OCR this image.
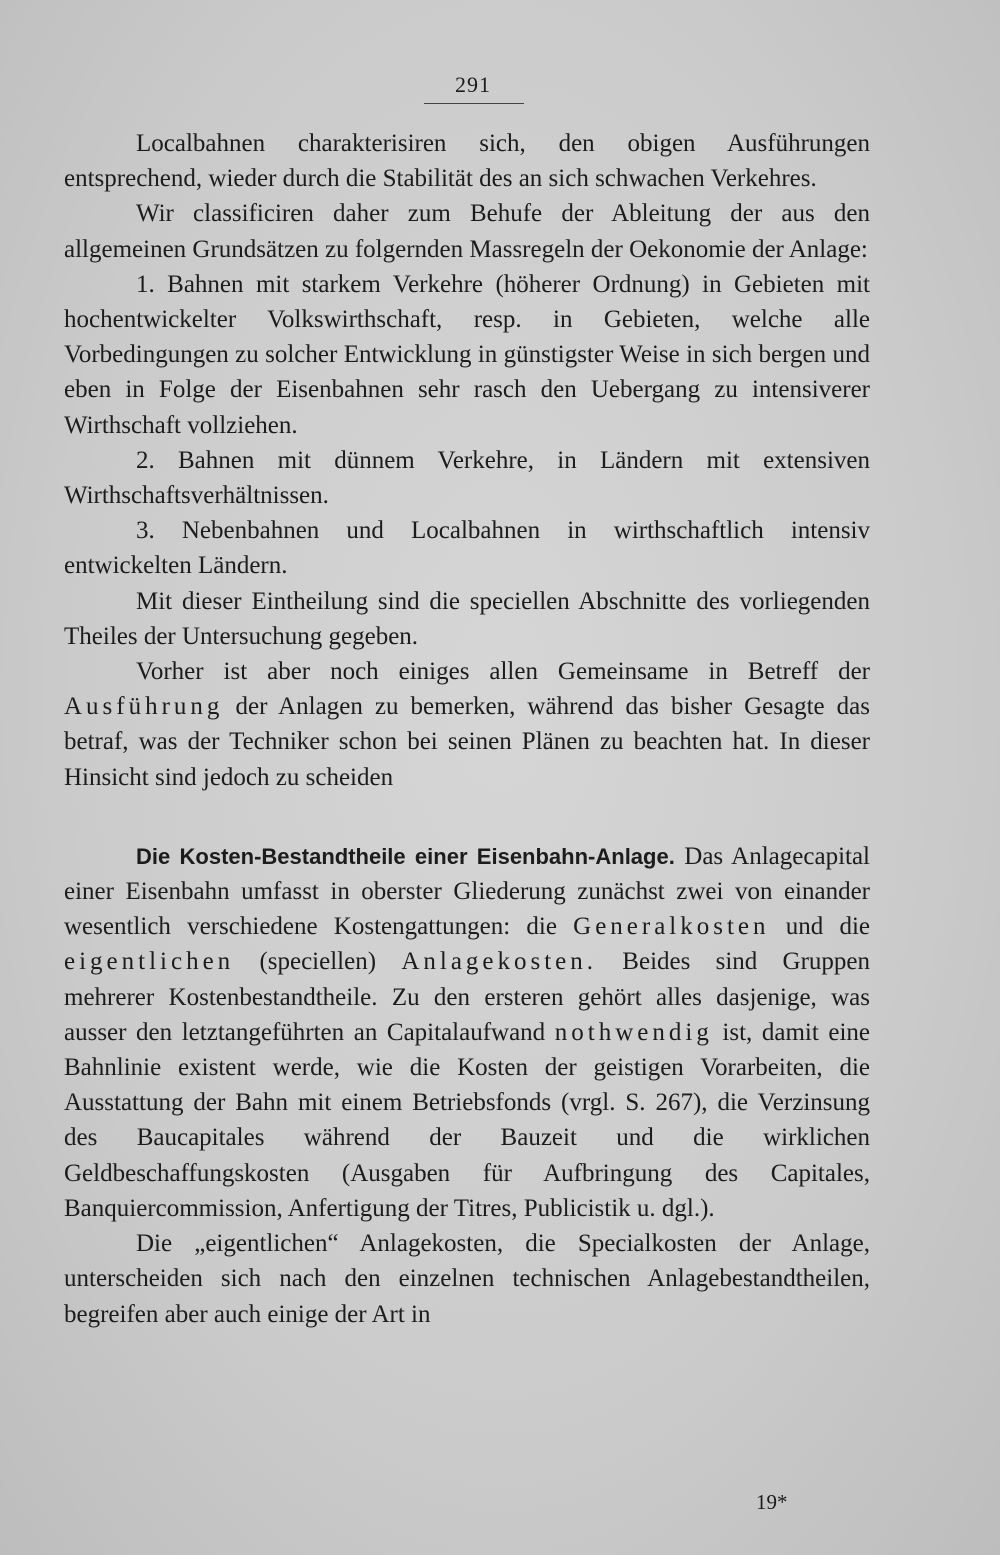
291

Localbahnen charakterisiren sich, den obigen Ausführungen entsprechend, wieder durch die Stabilität des an sich schwachen Verkehres.

Wir classificiren daher zum Behufe der Ableitung der aus den allgemeinen Grundsätzen zu folgernden Massregeln der Oekonomie der Anlage:

1. Bahnen mit starkem Verkehre (höherer Ordnung) in Gebieten mit hochentwickelter Volkswirthschaft, resp. in Gebieten, welche alle Vorbedingungen zu solcher Entwicklung in günstigster Weise in sich bergen und eben in Folge der Eisenbahnen sehr rasch den Uebergang zu intensiverer Wirthschaft vollziehen.

2. Bahnen mit dünnem Verkehre, in Ländern mit extensiven Wirthschaftsverhältnissen.

3. Nebenbahnen und Localbahnen in wirthschaftlich intensiv entwickelten Ländern.

Mit dieser Eintheilung sind die speciellen Abschnitte des vorliegenden Theiles der Untersuchung gegeben.

Vorher ist aber noch einiges allen Gemeinsame in Betreff der Ausführung der Anlagen zu bemerken, während das bisher Gesagte das betraf, was der Techniker schon bei seinen Plänen zu beachten hat. In dieser Hinsicht sind jedoch zu scheiden

Die Kosten-Bestandtheile einer Eisenbahn-Anlage. Das Anlagecapital einer Eisenbahn umfasst in oberster Gliederung zunächst zwei von einander wesentlich verschiedene Kostengattungen: die Generalkosten und die eigentlichen (speciellen) Anlagekosten. Beides sind Gruppen mehrerer Kostenbestandtheile. Zu den ersteren gehört alles dasjenige, was ausser den letztangeführten an Capitalaufwand nothwendig ist, damit eine Bahnlinie existent werde, wie die Kosten der geistigen Vorarbeiten, die Ausstattung der Bahn mit einem Betriebsfonds (vrgl. S. 267), die Verzinsung des Baucapitales während der Bauzeit und die wirklichen Geldbeschaffungskosten (Ausgaben für Aufbringung des Capitales, Banquiercommission, Anfertigung der Titres, Publicistik u. dgl.).

Die „eigentlichen“ Anlagekosten, die Specialkosten der Anlage, unterscheiden sich nach den einzelnen technischen Anlagebestandtheilen, begreifen aber auch einige der Art in

19*
